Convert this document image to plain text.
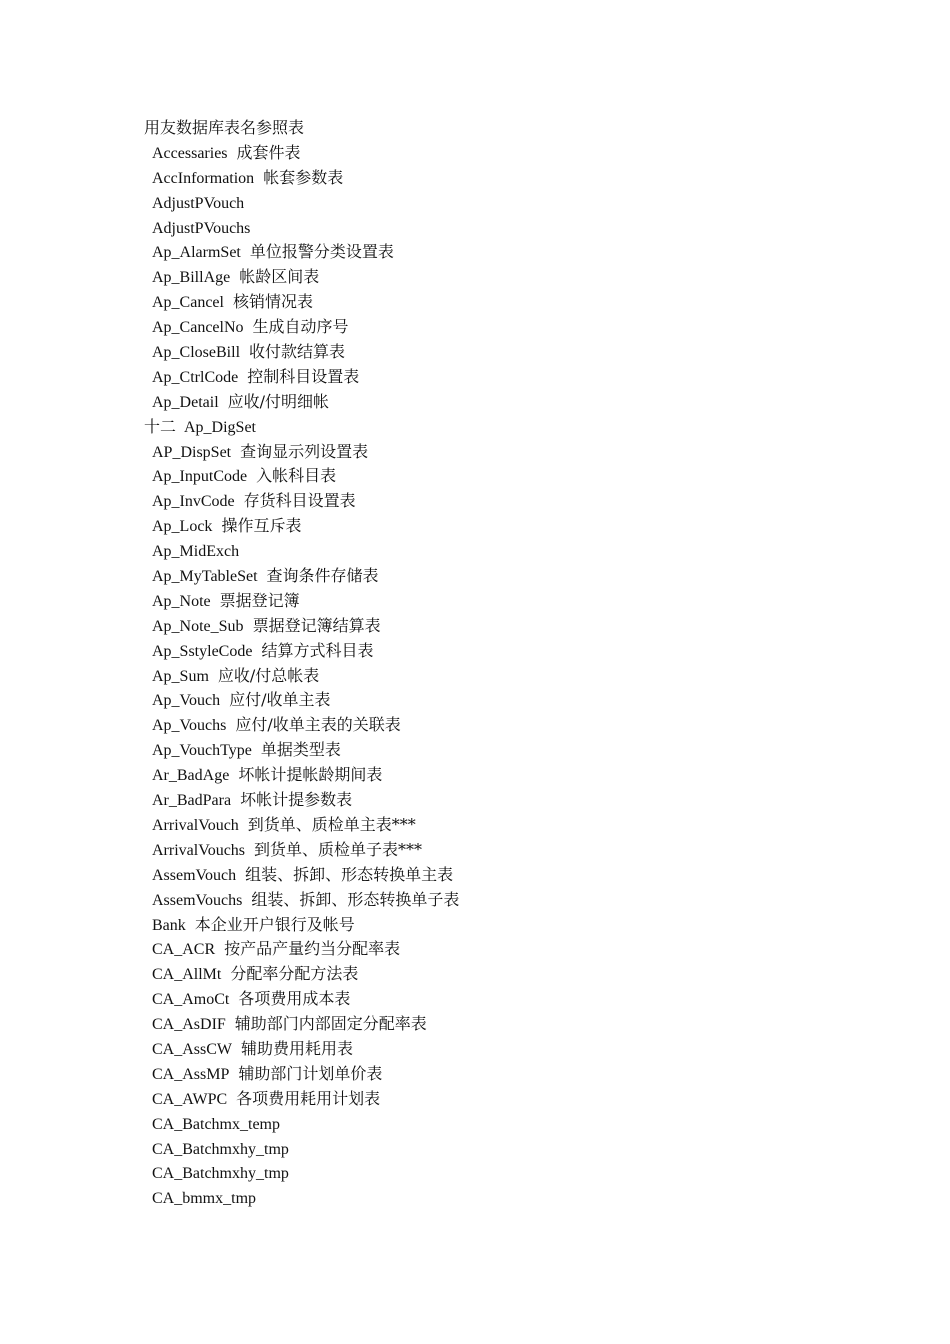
用友数据库表名参照表
Accessaries 成套件表
AccInformation 帐套参数表
AdjustPVouch
AdjustPVouchs
Ap_AlarmSet 单位报警分类设置表
Ap_BillAge 帐龄区间表
Ap_Cancel 核销情况表
Ap_CancelNo 生成自动序号
Ap_CloseBill 收付款结算表
Ap_CtrlCode 控制科目设置表
Ap_Detail 应收/付明细帐
十二  Ap_DigSet
AP_DispSet 查询显示列设置表
Ap_InputCode 入帐科目表
Ap_InvCode 存货科目设置表
Ap_Lock 操作互斥表
Ap_MidExch
Ap_MyTableSet 查询条件存储表
Ap_Note 票据登记簿
Ap_Note_Sub 票据登记簿结算表
Ap_SstyleCode 结算方式科目表
Ap_Sum 应收/付总帐表
Ap_Vouch 应付/收单主表
Ap_Vouchs 应付/收单主表的关联表
Ap_VouchType 单据类型表
Ar_BadAge 坏帐计提帐龄期间表
Ar_BadPara 坏帐计提参数表
ArrivalVouch 到货单、质检单主表***
ArrivalVouchs 到货单、质检单子表***
AssemVouch 组装、拆卸、形态转换单主表
AssemVouchs 组装、拆卸、形态转换单子表
Bank 本企业开户银行及帐号
CA_ACR 按产品产量约当分配率表
CA_AllMt 分配率分配方法表
CA_AmoCt 各项费用成本表
CA_AsDIF 辅助部门内部固定分配率表
CA_AssCW 辅助费用耗用表
CA_AssMP 辅助部门计划单价表
CA_AWPC 各项费用耗用计划表
CA_Batchmx_temp
CA_Batchmxhy_tmp
CA_Batchmxhy_tmp
CA_bmmx_tmp
